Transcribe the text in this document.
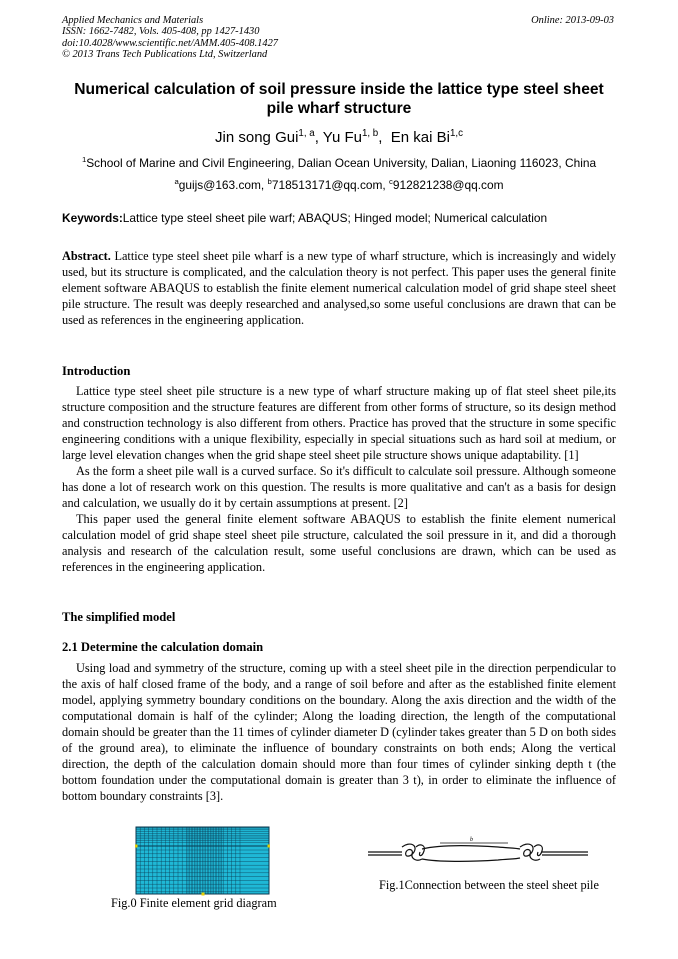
Applied Mechanics and Materials
ISSN: 1662-7482, Vols. 405-408, pp 1427-1430
doi:10.4028/www.scientific.net/AMM.405-408.1427
© 2013 Trans Tech Publications Ltd, Switzerland
Online: 2013-09-03
Numerical calculation of soil pressure inside the lattice type steel sheet
pile wharf structure
Jin song Gui$^{1, a}$, Yu Fu$^{1, b}$,  En kai Bi$^{1,c}$
$^1$School of Marine and Civil Engineering, Dalian Ocean University, Dalian, Liaoning 116023, China
$^a$guijs@163.com, $^b$718513171@qq.com, $^c$912821238@qq.com
Keywords:Lattice type steel sheet pile warf; ABAQUS; Hinged model; Numerical calculation

Abstract. Lattice type steel sheet pile wharf is a new type of wharf structure, which is increasingly and widely used, but its structure is complicated, and the calculation theory is not perfect. This paper uses the general finite element software ABAQUS to establish the finite element numerical calculation model of grid shape steel sheet pile structure. The result was deeply researched and analysed,so some useful conclusions are drawn that can be used as references in the engineering application.

Introduction

Lattice type steel sheet pile structure is a new type of wharf structure making up of flat steel sheet pile,its structure composition and the structure features are different from other forms of structure, so its design method and construction technology is also different from others. Practice has proved that the structure in some specific engineering conditions with a unique flexibility, especially in special situations such as hard soil at medium, or large level elevation changes when the grid shape steel sheet pile structure shows unique adaptability. [1]

As the form a sheet pile wall is a curved surface. So it's difficult to calculate soil pressure. Although someone has done a lot of research work on this question. The results is more qualitative and can't as a basis for design and calculation, we usually do it by certain assumptions at present. [2]

This paper used the general finite element software ABAQUS to establish the finite element numerical calculation model of grid shape steel sheet pile structure, calculated the soil pressure in it, and did a thorough analysis and research of the calculation result, some useful conclusions are drawn, which can be used as references in the engineering application.

The simplified model
2.1 Determine the calculation domain

Using load and symmetry of the structure, coming up with a steel sheet pile in the direction perpendicular to the axis of half closed frame of the body, and a range of soil before and after as the established finite element model, applying symmetry boundary conditions on the boundary. Along the axis direction and the width of the computational domain is half of the cylinder; Along the loading direction, the length of the computational domain should be greater than the 11 times of cylinder diameter D (cylinder takes greater than 5 D on both sides of the ground area), to eliminate the influence of boundary constraints on both ends; Along the vertical direction, the depth of the calculation domain should more than four times of cylinder sinking depth t (the bottom foundation under the computational domain is greater than 3 t), in order to eliminate the influence of bottom boundary constraints [3].

Fig.0 Finite element grid diagram
b
Fig.1Connection between the steel sheet pile
